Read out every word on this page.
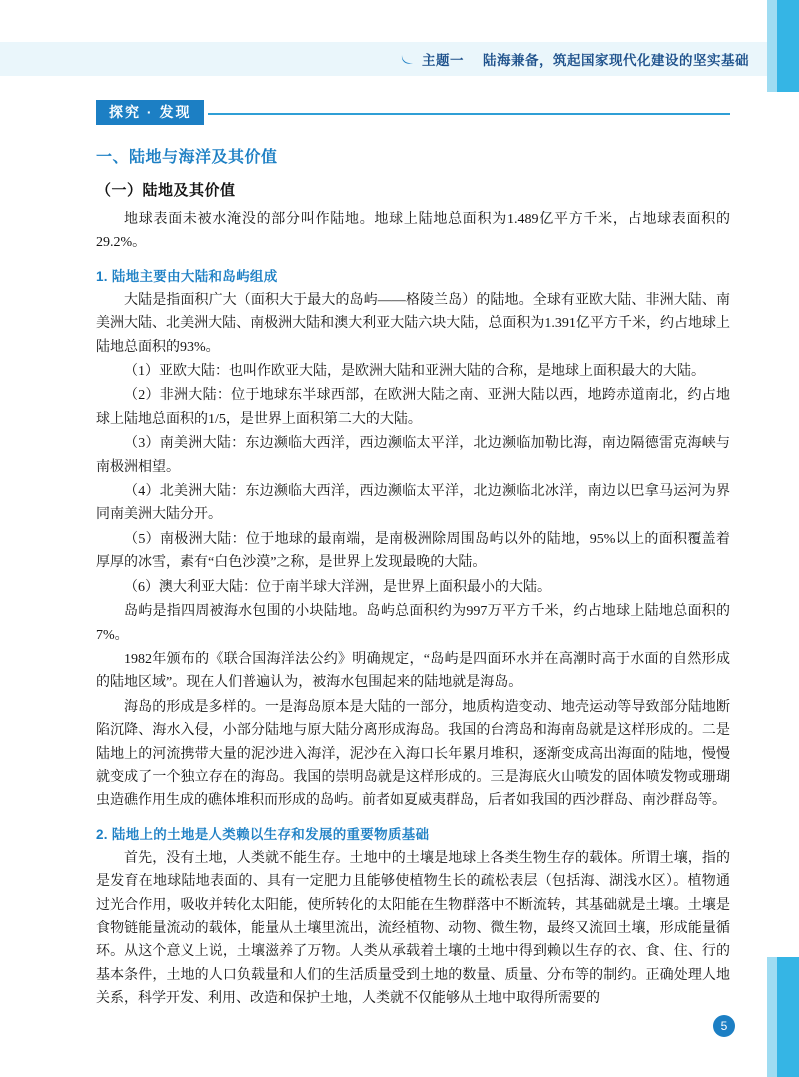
主题一 陆海兼备，筑起国家现代化建设的坚实基础
探究 · 发现
一、陆地与海洋及其价值
（一）陆地及其价值

地球表面未被水淹没的部分叫作陆地。地球上陆地总面积为1.489亿平方千米，占地球表面积的29.2%。

1. 陆地主要由大陆和岛屿组成

大陆是指面积广大（面积大于最大的岛屿——格陵兰岛）的陆地。全球有亚欧大陆、非洲大陆、南美洲大陆、北美洲大陆、南极洲大陆和澳大利亚大陆六块大陆，总面积为1.391亿平方千米，约占地球上陆地总面积的93%。

（1）亚欧大陆：也叫作欧亚大陆，是欧洲大陆和亚洲大陆的合称，是地球上面积最大的大陆。

（2）非洲大陆：位于地球东半球西部，在欧洲大陆之南、亚洲大陆以西，地跨赤道南北，约占地球上陆地总面积的1/5，是世界上面积第二大的大陆。

（3）南美洲大陆：东边濒临大西洋，西边濒临太平洋，北边濒临加勒比海，南边隔德雷克海峡与南极洲相望。

（4）北美洲大陆：东边濒临大西洋，西边濒临太平洋，北边濒临北冰洋，南边以巴拿马运河为界同南美洲大陆分开。

（5）南极洲大陆：位于地球的最南端，是南极洲除周围岛屿以外的陆地，95%以上的面积覆盖着厚厚的冰雪，素有“白色沙漠”之称，是世界上发现最晚的大陆。

（6）澳大利亚大陆：位于南半球大洋洲，是世界上面积最小的大陆。

岛屿是指四周被海水包围的小块陆地。岛屿总面积约为997万平方千米，约占地球上陆地总面积的7%。

1982年颁布的《联合国海洋法公约》明确规定，“岛屿是四面环水并在高潮时高于水面的自然形成的陆地区域”。现在人们普遍认为，被海水包围起来的陆地就是海岛。

海岛的形成是多样的。一是海岛原本是大陆的一部分，地质构造变动、地壳运动等导致部分陆地断陷沉降、海水入侵，小部分陆地与原大陆分离形成海岛。我国的台湾岛和海南岛就是这样形成的。二是陆地上的河流携带大量的泥沙进入海洋，泥沙在入海口长年累月堆积，逐渐变成高出海面的陆地，慢慢就变成了一个独立存在的海岛。我国的崇明岛就是这样形成的。三是海底火山喷发的固体喷发物或珊瑚虫造礁作用生成的礁体堆积而形成的岛屿。前者如夏威夷群岛，后者如我国的西沙群岛、南沙群岛等。

2. 陆地上的土地是人类赖以生存和发展的重要物质基础

首先，没有土地，人类就不能生存。土地中的土壤是地球上各类生物生存的载体。所谓土壤，指的是发育在地球陆地表面的、具有一定肥力且能够使植物生长的疏松表层（包括海、湖浅水区）。植物通过光合作用，吸收并转化太阳能，使所转化的太阳能在生物群落中不断流转，其基础就是土壤。土壤是食物链能量流动的载体，能量从土壤里流出，流经植物、动物、微生物，最终又流回土壤，形成能量循环。从这个意义上说，土壤滋养了万物。人类从承载着土壤的土地中得到赖以生存的衣、食、住、行的基本条件，土地的人口负载量和人们的生活质量受到土地的数量、质量、分布等的制约。正确处理人地关系，科学开发、利用、改造和保护土地，人类就不仅能够从土地中取得所需要的

5
